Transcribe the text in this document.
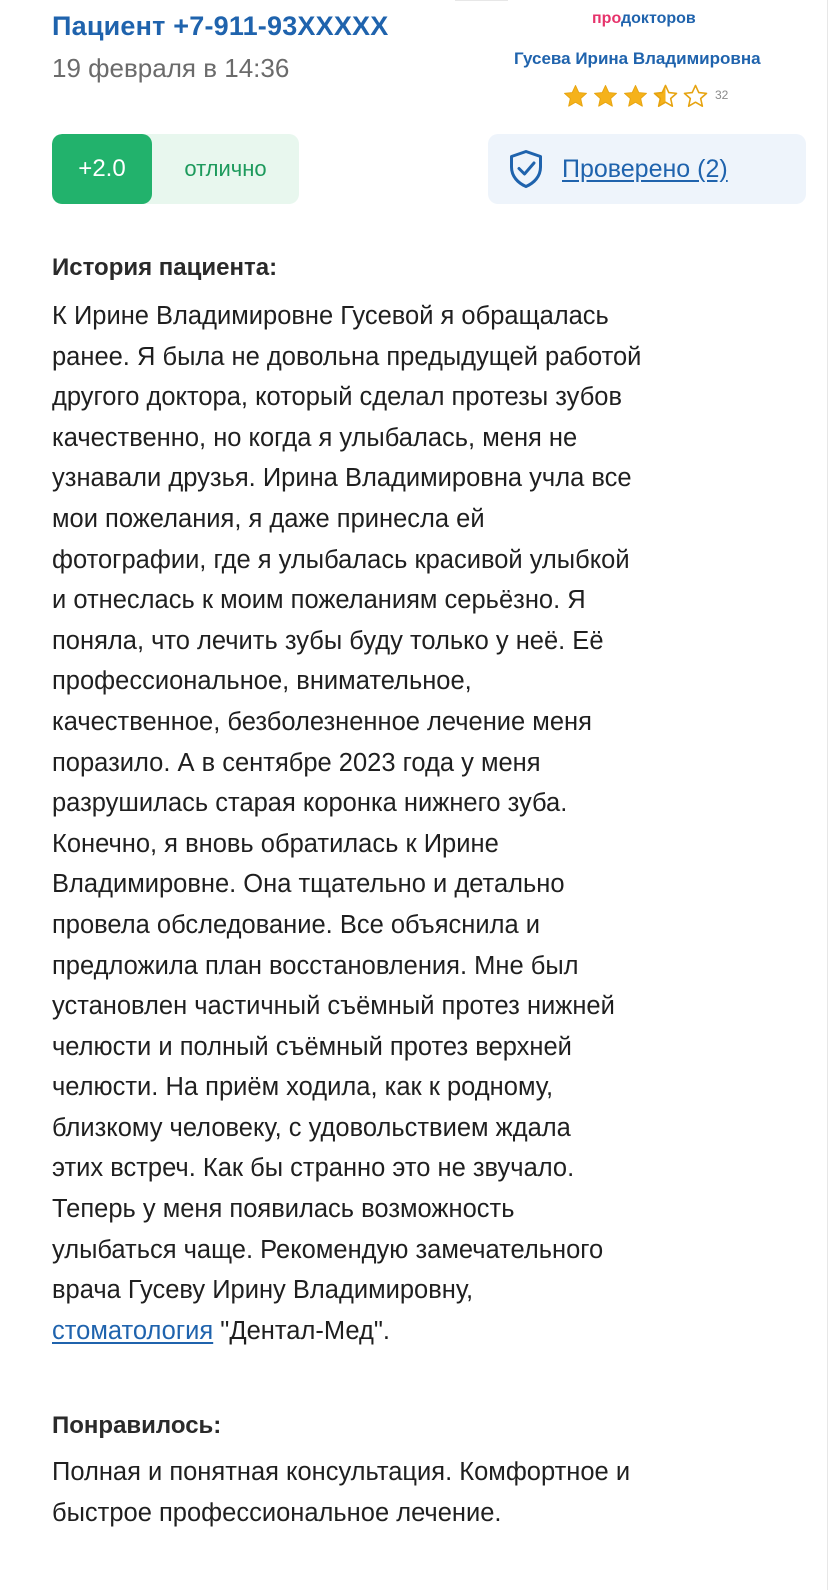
Пациент +7-911-93XXXXX
19 февраля в 14:36
продокторов
Гусева Ирина Владимировна
32
+2.0	отлично	Проверено (2)
История пациента:
К Ирине Владимировне Гусевой я обращалась
ранее. Я была не довольна предыдущей работой
другого доктора, который сделал протезы зубов
качественно, но когда я улыбалась, меня не
узнавали друзья. Ирина Владимировна учла все
мои пожелания, я даже принесла ей
фотографии, где я улыбалась красивой улыбкой
и отнеслась к моим пожеланиям серьёзно. Я
поняла, что лечить зубы буду только у неё. Её
профессиональное, внимательное,
качественное, безболезненное лечение меня
поразило. А в сентябре 2023 года у меня
разрушилась старая коронка нижнего зуба.
Конечно, я вновь обратилась к Ирине
Владимировне. Она тщательно и детально
провела обследование. Все объяснила и
предложила план восстановления. Мне был
установлен частичный съёмный протез нижней
челюсти и полный съёмный протез верхней
челюсти. На приём ходила, как к родному,
близкому человеку, с удовольствием ждала
этих встреч. Как бы странно это не звучало.
Теперь у меня появилась возможность
улыбаться чаще. Рекомендую замечательного
врача Гусеву Ирину Владимировну,
стоматология "Дентал-Мед".
Понравилось:
Полная и понятная консультация. Комфортное и
быстрое профессиональное лечение.
